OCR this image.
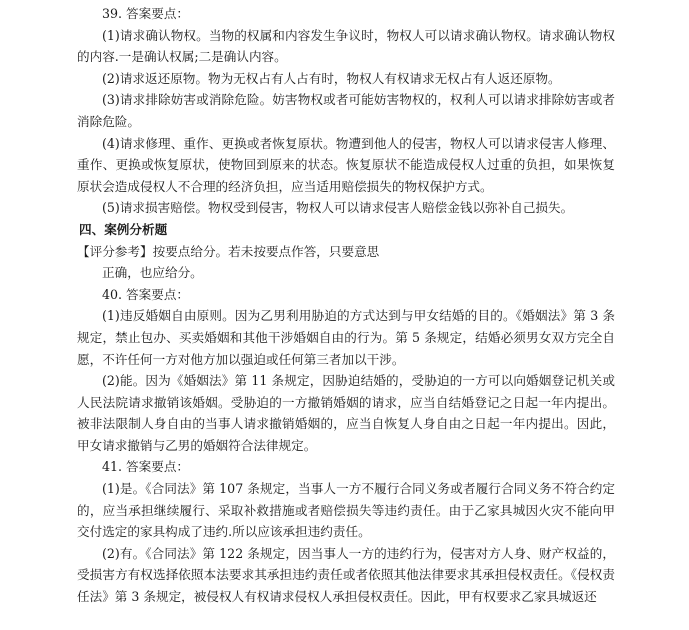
39. 答案要点：

(1)请求确认物权。当物的权属和内容发生争议时，物权人可以请求确认物权。请求确认物权的内容.一是确认权属;二是确认内容。

(2)请求返还原物。物为无权占有人占有时，物权人有权请求无权占有人返还原物。

(3)请求排除妨害或消除危险。妨害物权或者可能妨害物权的，权利人可以请求排除妨害或者消除危险。

(4)请求修理、重作、更换或者恢复原状。物遭到他人的侵害，物权人可以请求侵害人修理、重作、更换或恢复原状，使物回到原来的状态。恢复原状不能造成侵权人过重的负担，如果恢复原状会造成侵权人不合理的经济负担，应当适用赔偿损失的物权保护方式。

(5)请求损害赔偿。物权受到侵害，物权人可以请求侵害人赔偿金钱以弥补自己损失。

四、案例分析题

【评分参考】按要点给分。若未按要点作答，只要意思

正确，也应给分。

40. 答案要点：

(1)违反婚姻自由原则。因为乙男利用胁迫的方式达到与甲女结婚的目的。《婚姻法》第 3 条规定，禁止包办、买卖婚姻和其他干涉婚姻自由的行为。第 5 条规定，结婚必须男女双方完全自愿，不许任何一方对他方加以强迫或任何第三者加以干涉。

(2)能。因为《婚姻法》第 11 条规定，因胁迫结婚的，受胁迫的一方可以向婚姻登记机关或人民法院请求撤销该婚姻。受胁迫的一方撤销婚姻的请求，应当自结婚登记之日起一年内提出。被非法限制人身自由的当事人请求撤销婚姻的，应当自恢复人身自由之日起一年内提出。因此，甲女请求撤销与乙男的婚姻符合法律规定。

41. 答案要点：

(1)是。《合同法》第 107 条规定，当事人一方不履行合同义务或者履行合同义务不符合约定的，应当承担继续履行、采取补救措施或者赔偿损失等违约责任。由于乙家具城因火灾不能向甲交付选定的家具构成了违约.所以应该承担违约责任。

(2)有。《合同法》第 122 条规定，因当事人一方的违约行为，侵害对方人身、财产权益的，受损害方有权选择依照本法要求其承担违约责任或者依照其他法律要求其承担侵权责任。《侵权责任法》第 3 条规定，被侵权人有权请求侵权人承担侵权责任。因此，甲有权要求乙家具城返还
